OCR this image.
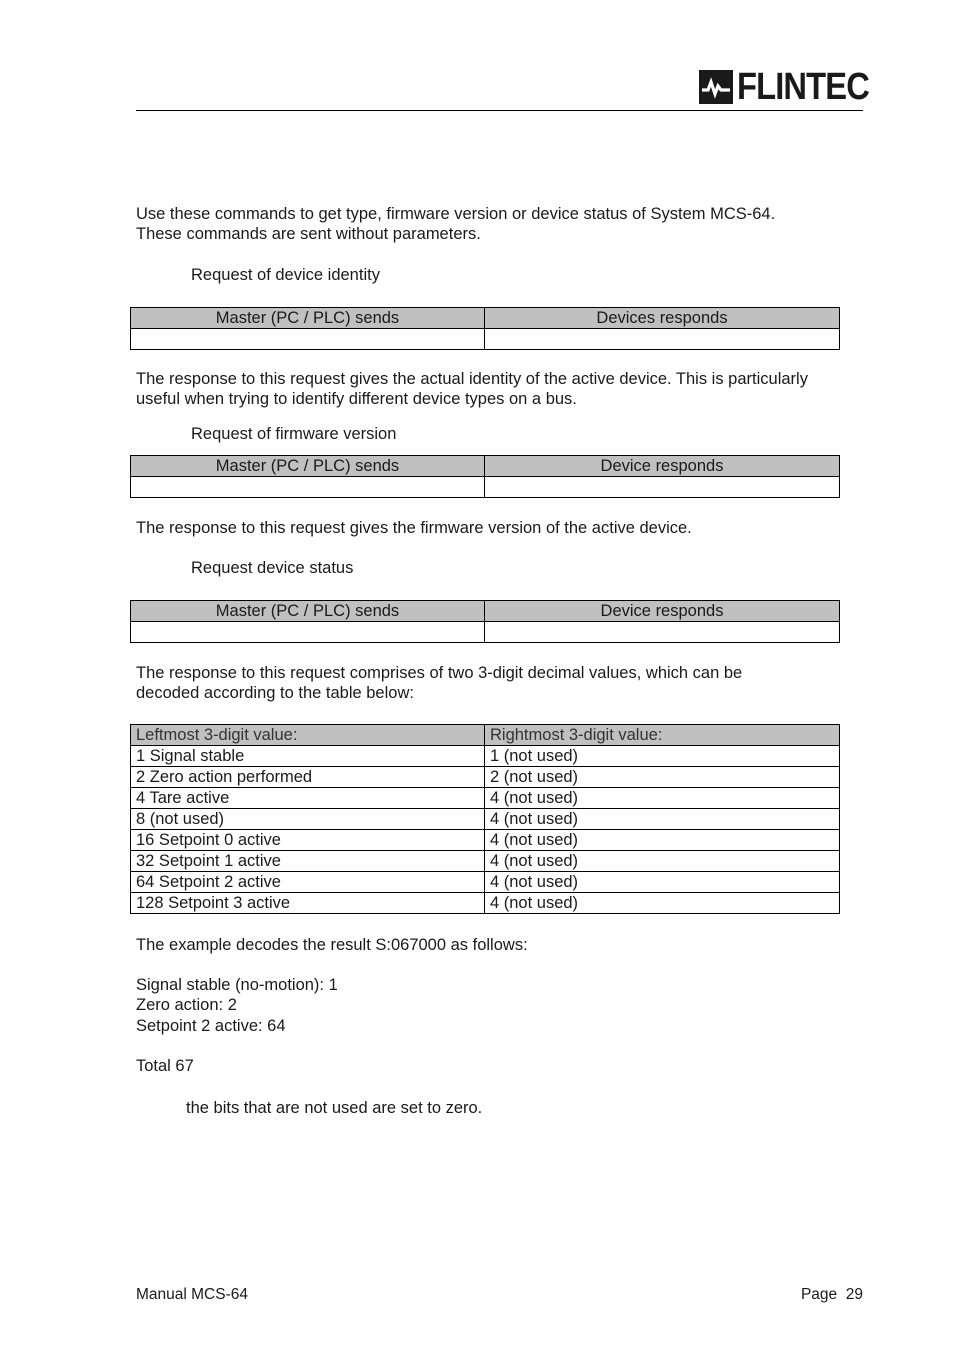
FLINTEC
Use these commands to get type, firmware version or device status of System MCS-64.
These commands are sent without parameters.
Request of device identity
Master (PC / PLC) sends	Devices responds

The response to this request gives the actual identity of the active device. This is particularly
useful when trying to identify different device types on a bus.
Request of firmware version
Master (PC / PLC) sends	Device responds

The response to this request gives the firmware version of the active device.
Request device status
Master (PC / PLC) sends	Device responds

The response to this request comprises of two 3-digit decimal values, which can be
decoded according to the table below:
Leftmost 3-digit value:	Rightmost 3-digit value:
1 Signal stable	1 (not used)
2 Zero action performed	2 (not used)
4 Tare active	4 (not used)
8 (not used)	4 (not used)
16 Setpoint 0 active	4 (not used)
32 Setpoint 1 active	4 (not used)
64 Setpoint 2 active	4 (not used)
128 Setpoint 3 active	4 (not used)
The example decodes the result S:067000 as follows:
Signal stable (no-motion): 1
Zero action: 2
Setpoint 2 active: 64
Total 67
the bits that are not used are set to zero.
Manual MCS-64	Page  29
